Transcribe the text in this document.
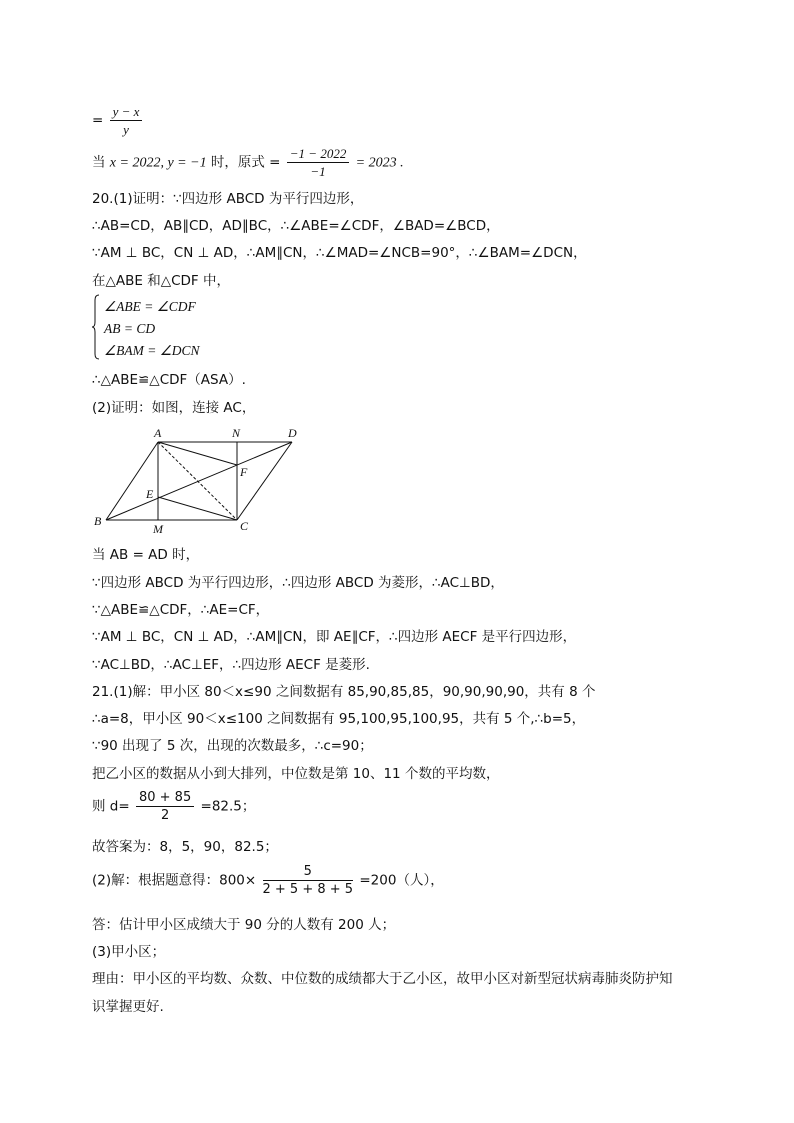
= $\frac{y - x}{y}$
当 x = 2022, y = −1 时，原式 = $\frac{-1 - 2022}{-1} = 2023$ .
20.(1)证明：∵四边形 ABCD 为平行四边形，
∴AB=CD，AB∥CD，AD∥BC，∴∠ABE=∠CDF，∠BAD=∠BCD，
∵AM ⊥ BC，CN ⊥ AD，∴AM∥CN，∴∠MAD=∠NCB=90°，∴∠BAM=∠DCN，
在△ABE 和△CDF 中，
∠ABE = ∠CDF
AB = CD
∠BAM = ∠DCN
∴△ABE≌△CDF（ASA）.
(2)证明：如图，连接 AC，
A	N	D
F
E
B
M	C
当 AB = AD 时，
∵四边形 ABCD 为平行四边形，∴四边形 ABCD 为菱形，∴AC⊥BD，
∵△ABE≌△CDF，∴AE=CF，
∵AM ⊥ BC，CN ⊥ AD，∴AM∥CN，即 AE∥CF，∴四边形 AECF 是平行四边形，
∵AC⊥BD，∴AC⊥EF，∴四边形 AECF 是菱形.
21.(1)解：甲小区 80＜x≤90 之间数据有 85,90,85,85，90,90,90,90，共有 8 个
∴a=8，甲小区 90＜x≤100 之间数据有 95,100,95,100,95，共有 5 个,∴b=5，
∵90 出现了 5 次，出现的次数最多，∴c=90；
把乙小区的数据从小到大排列，中位数是第 10、11 个数的平均数，
则 $d= \frac{80 + 85}{2} =82.5$；
故答案为：8，5，90，82.5；
(2)解：根据题意得：$800\times \frac{5}{2 + 5 + 8 + 5} =200$（人），
答：估计甲小区成绩大于 90 分的人数有 200 人；
(3)甲小区；
理由：甲小区的平均数、众数、中位数的成绩都大于乙小区，故甲小区对新型冠状病毒肺炎防护知
识掌握更好.
